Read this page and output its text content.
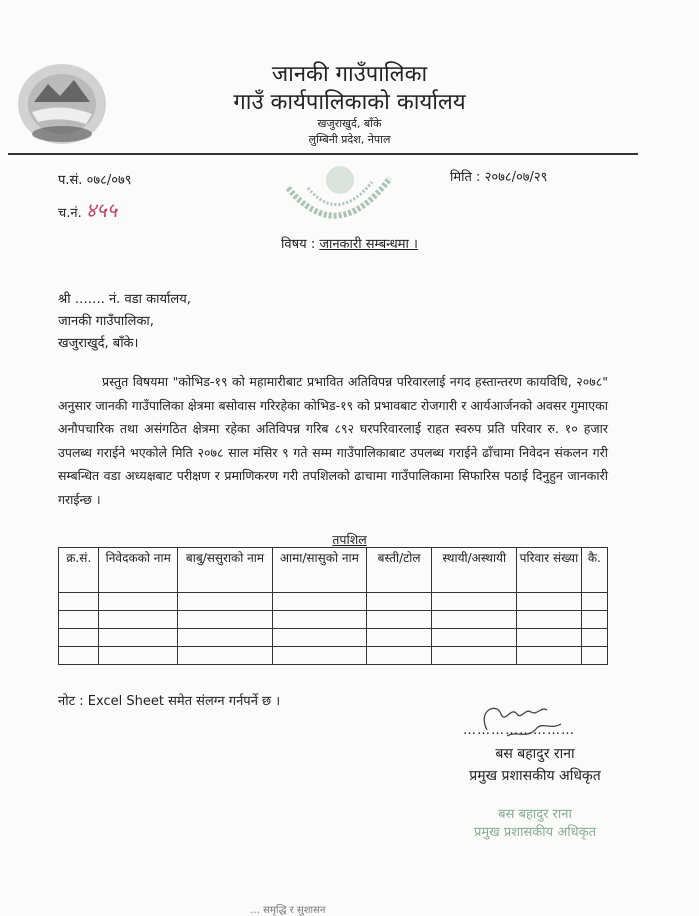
जानकी गाउँपालिका
गाउँ कार्यपालिकाको कार्यालय
खजुराखुर्द, बाँके
लुम्बिनी प्रदेश, नेपाल
प.सं. ०७८/०७९
च.नं. ४५५
मिति : २०७८/०७/२९
विषय : जानकारी सम्बन्धमा ।
श्री ……. नं. वडा कार्यालय,
जानकी गाउँपालिका,
खजुराखुर्द, बाँके।
प्रस्तुत विषयमा "कोभिड-१९ को महामारीबाट प्रभावित अतिविपन्न परिवारलाई नगद हस्तान्तरण कायविधि, २०७८" अनुसार जानकी गाउँपालिका क्षेत्रमा बसोवास गरिरहेका कोभिड-१९ को प्रभावबाट रोजगारी र आर्यआर्जनको अवसर गुमाएका अनौपचारिक तथा असंगठित क्षेत्रमा रहेका अतिविपन्न गरिब ८९२ घरपरिवारलाई राहत स्वरुप प्रति परिवार रु. १० हजार उपलब्ध गराईने भएकोले मिति २०७८ साल मंसिर ९ गते सम्म गाउँपालिकाबाट उपलब्ध गराईने ढाँचामा निवेदन संकलन गरी सम्बन्धित वडा अध्यक्षबाट परीक्षण र प्रमाणिकरण गरी तपशिलको ढाचामा गाउँपालिकामा सिफारिस पठाई दिनुहुन जानकारी गराईन्छ ।
तपशिल
क्र.सं.	निवेदकको नाम	बाबु/ससुराको नाम	आमा/सासुको नाम	बस्ती/टोल	स्थायी/अस्थायी	परिवार संख्या	कै.

नोट : Excel Sheet समेत संलग्न गर्नपर्ने छ ।
……………………
बस बहादुर राना
प्रमुख प्रशासकीय अधिकृत
बस बहादुर राना
प्रमुख प्रशासकीय अधिकृत
… समृद्धि र सुशासन
